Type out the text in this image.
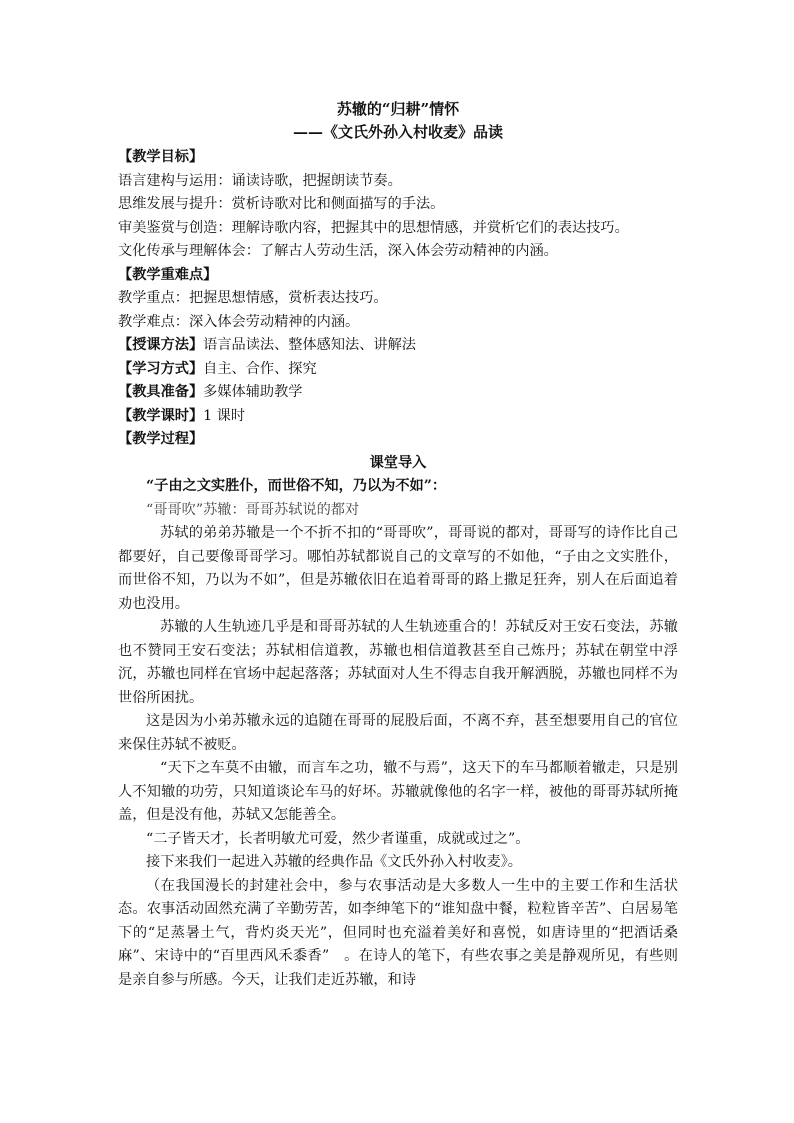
苏辙的“归耕”情怀

——《文氏外孙入村收麦》品读

【教学目标】

语言建构与运用：诵读诗歌，把握朗读节奏。

思维发展与提升：赏析诗歌对比和侧面描写的手法。

审美鉴赏与创造：理解诗歌内容，把握其中的思想情感，并赏析它们的表达技巧。

文化传承与理解体会：了解古人劳动生活，深入体会劳动精神的内涵。

【教学重难点】

教学重点：把握思想情感，赏析表达技巧。

教学难点：深入体会劳动精神的内涵。

【授课方法】语言品读法、整体感知法、讲解法

【学习方式】自主、合作、探究

【教具准备】多媒体辅助教学

【教学课时】1 课时

【教学过程】

课堂导入

“子由之文实胜仆，而世俗不知，乃以为不如”：

“哥哥吹”苏辙：哥哥苏轼说的都对

苏轼的弟弟苏辙是一个不折不扣的“哥哥吹”，哥哥说的都对，哥哥写的诗作比自己都要好，自己要像哥哥学习。哪怕苏轼都说自己的文章写的不如他，“子由之文实胜仆，而世俗不知，乃以为不如”，但是苏辙依旧在追着哥哥的路上撒足狂奔，别人在后面追着劝也没用。

苏辙的人生轨迹几乎是和哥哥苏轼的人生轨迹重合的！苏轼反对王安石变法，苏辙也不赞同王安石变法；苏轼相信道教，苏辙也相信道教甚至自己炼丹；苏轼在朝堂中浮沉，苏辙也同样在官场中起起落落；苏轼面对人生不得志自我开解洒脱，苏辙也同样不为世俗所困扰。

这是因为小弟苏辙永远的追随在哥哥的屁股后面，不离不弃，甚至想要用自己的官位来保住苏轼不被贬。

“天下之车莫不由辙，而言车之功，辙不与焉”，这天下的车马都顺着辙走，只是别人不知辙的功劳，只知道谈论车马的好坏。苏辙就像他的名字一样，被他的哥哥苏轼所掩盖，但是没有他，苏轼又怎能善全。

“二子皆天才，长者明敏尤可爱，然少者谨重，成就或过之”。

接下来我们一起进入苏辙的经典作品《文氏外孙入村收麦》。

（在我国漫长的封建社会中，参与农事活动是大多数人一生中的主要工作和生活状态。农事活动固然充满了辛勤劳苦，如李绅笔下的“谁知盘中餐，粒粒皆辛苦”、白居易笔下的“足蒸暑土气，背灼炎天光”，但同时也充溢着美好和喜悦，如唐诗里的“把酒话桑麻”、宋诗中的“百里西风禾黍香”　。在诗人的笔下，有些农事之美是静观所见，有些则是亲自参与所感。今天，让我们走近苏辙，和诗
